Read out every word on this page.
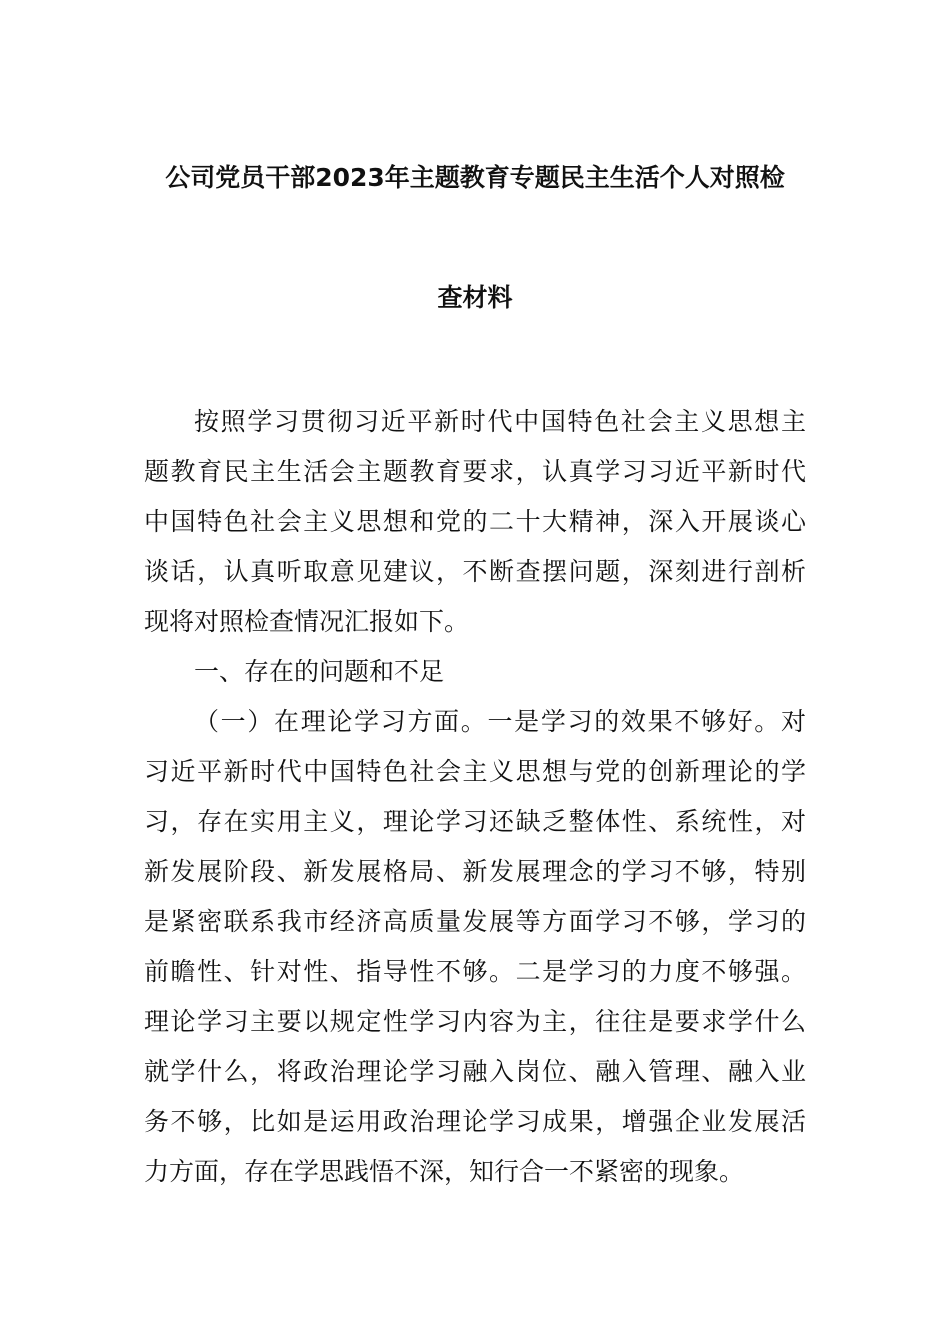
公司党员干部2023年主题教育专题民主生活个人对照检
查材料
按照学习贯彻习近平新时代中国特色社会主义思想主
题教育民主生活会主题教育要求，认真学习习近平新时代
中国特色社会主义思想和党的二十大精神，深入开展谈心
谈话，认真听取意见建议，不断查摆问题，深刻进行剖析
现将对照检查情况汇报如下。
一、存在的问题和不足
（一）在理论学习方面。一是学习的效果不够好。对
习近平新时代中国特色社会主义思想与党的创新理论的学
习，存在实用主义，理论学习还缺乏整体性、系统性，对
新发展阶段、新发展格局、新发展理念的学习不够，特别
是紧密联系我市经济高质量发展等方面学习不够，学习的
前瞻性、针对性、指导性不够。二是学习的力度不够强。
理论学习主要以规定性学习内容为主，往往是要求学什么
就学什么，将政治理论学习融入岗位、融入管理、融入业
务不够，比如是运用政治理论学习成果，增强企业发展活
力方面，存在学思践悟不深，知行合一不紧密的现象。
